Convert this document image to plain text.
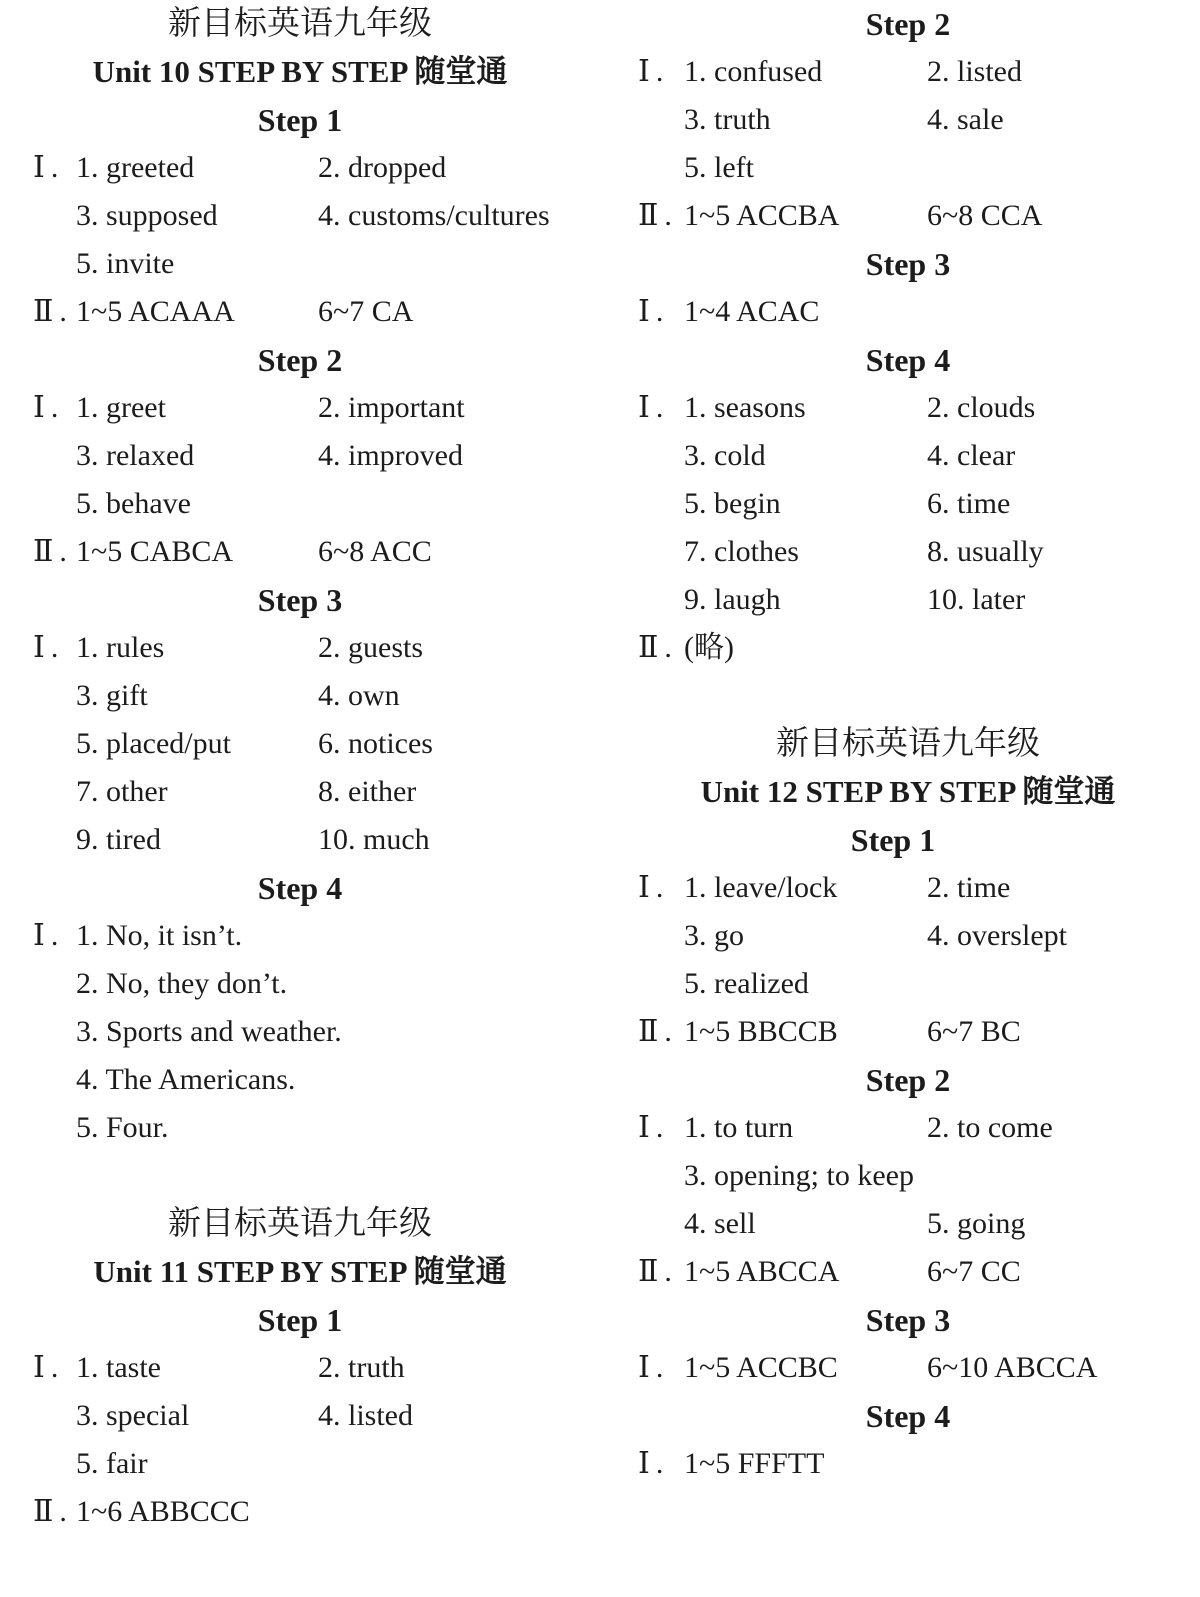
新目标英语九年级
Unit 10 STEP BY STEP 随堂通
Step 1
Ⅰ. 1. greeted	2. dropped
3. supposed	4. customs/cultures
5. invite
Ⅱ. 1~5 ACAAA	6~7 CA
Step 2
Ⅰ. 1. greet	2. important
3. relaxed	4. improved
5. behave
Ⅱ. 1~5 CABCA	6~8 ACC
Step 3
Ⅰ. 1. rules	2. guests
3. gift	4. own
5. placed/put	6. notices
7. other	8. either
9. tired	10. much
Step 4
Ⅰ. 1. No, it isn’t.
2. No, they don’t.
3. Sports and weather.
4. The Americans.
5. Four.
新目标英语九年级
Unit 11 STEP BY STEP 随堂通
Step 1
Ⅰ. 1. taste	2. truth
3. special	4. listed
5. fair
Ⅱ. 1~6 ABBCCC
Step 2
Ⅰ. 1. confused	2. listed
3. truth	4. sale
5. left
Ⅱ. 1~5 ACCBA	6~8 CCA
Step 3
Ⅰ. 1~4 ACAC
Step 4
Ⅰ. 1. seasons	2. clouds
3. cold	4. clear
5. begin	6. time
7. clothes	8. usually
9. laugh	10. later
Ⅱ. (略)
新目标英语九年级
Unit 12 STEP BY STEP 随堂通
Step 1
Ⅰ. 1. leave/lock	2. time
3. go	4. overslept
5. realized
Ⅱ. 1~5 BBCCB	6~7 BC
Step 2
Ⅰ. 1. to turn	2. to come
3. opening; to keep
4. sell	5. going
Ⅱ. 1~5 ABCCA	6~7 CC
Step 3
Ⅰ. 1~5 ACCBC	6~10 ABCCA
Step 4
Ⅰ. 1~5 FFFTT
